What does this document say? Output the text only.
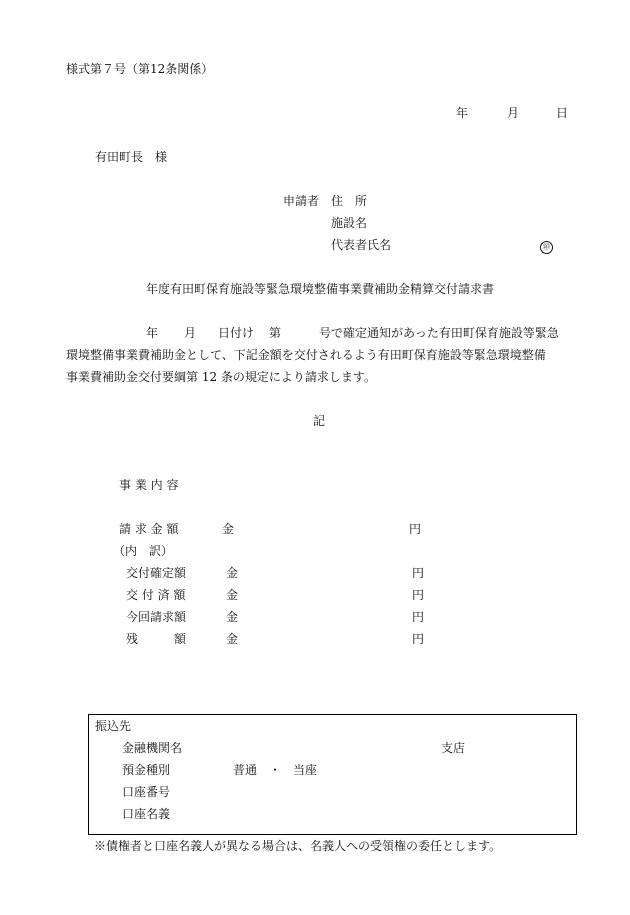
様式第７号（第12条関係）
年	月	日
有田町長　様
申請者 住　所
施設名
代表者氏名	㊞
年度有田町保育施設等緊急環境整備事業費補助金精算交付請求書
年 月 日付け 第	号で確定通知があった有田町保育施設等緊急
環境整備事業費補助金として、下記金額を交付されるよう有田町保育施設等緊急環境整備
事業費補助金交付要綱第 12 条の規定により請求します。
記
事 業 内 容
請 求 金 額	金	円
（内　訳）
交付確定額	金	円
交 付 済 額	金	円
今回請求額	金	円
残　　　額	金	円
振込先
金融機関名	支店
預金種別	普通　・　当座
口座番号
口座名義
※債権者と口座名義人が異なる場合は、名義人への受領権の委任とします。
